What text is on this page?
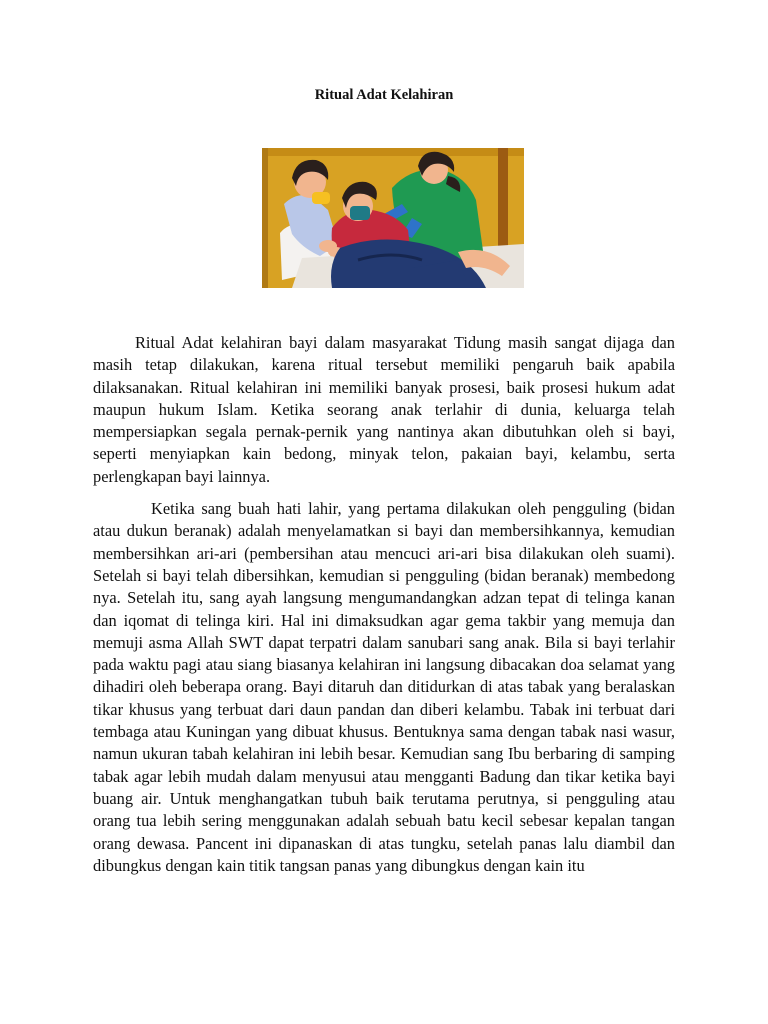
Ritual Adat Kelahiran

Ritual Adat kelahiran bayi dalam masyarakat Tidung masih sangat dijaga dan masih tetap dilakukan, karena ritual tersebut memiliki pengaruh baik apabila dilaksanakan. Ritual kelahiran ini memiliki banyak prosesi, baik prosesi hukum adat maupun hukum Islam. Ketika seorang anak terlahir di dunia, keluarga telah mempersiapkan segala pernak-pernik yang nantinya akan dibutuhkan oleh si bayi, seperti menyiapkan kain bedong, minyak telon, pakaian bayi, kelambu, serta perlengkapan bayi lainnya.

Ketika sang buah hati lahir, yang pertama dilakukan oleh pengguling (bidan atau dukun beranak) adalah menyelamatkan si bayi dan membersihkannya, kemudian membersihkan ari-ari (pembersihan atau mencuci ari-ari bisa dilakukan oleh suami). Setelah si bayi telah dibersihkan, kemudian si pengguling (bidan beranak) membedong nya. Setelah itu, sang ayah langsung mengumandangkan adzan tepat di telinga kanan dan iqomat di telinga kiri. Hal ini dimaksudkan agar gema takbir yang memuja dan memuji asma Allah SWT dapat terpatri dalam sanubari sang anak. Bila si bayi terlahir pada waktu pagi atau siang biasanya kelahiran ini langsung dibacakan doa selamat yang dihadiri oleh beberapa orang. Bayi ditaruh dan ditidurkan di atas tabak yang beralaskan tikar khusus yang terbuat dari daun pandan dan diberi kelambu. Tabak ini terbuat dari tembaga atau Kuningan yang dibuat khusus. Bentuknya sama dengan tabak nasi wasur, namun ukuran tabah kelahiran ini lebih besar. Kemudian sang Ibu berbaring di samping tabak agar lebih mudah dalam menyusui atau mengganti Badung dan tikar ketika bayi buang air. Untuk menghangatkan tubuh baik terutama perutnya, si pengguling atau orang tua lebih sering menggunakan adalah sebuah batu kecil sebesar kepalan tangan orang dewasa. Pancent ini dipanaskan di atas tungku, setelah panas lalu diambil dan dibungkus dengan kain titik tangsan panas yang dibungkus dengan kain itu
